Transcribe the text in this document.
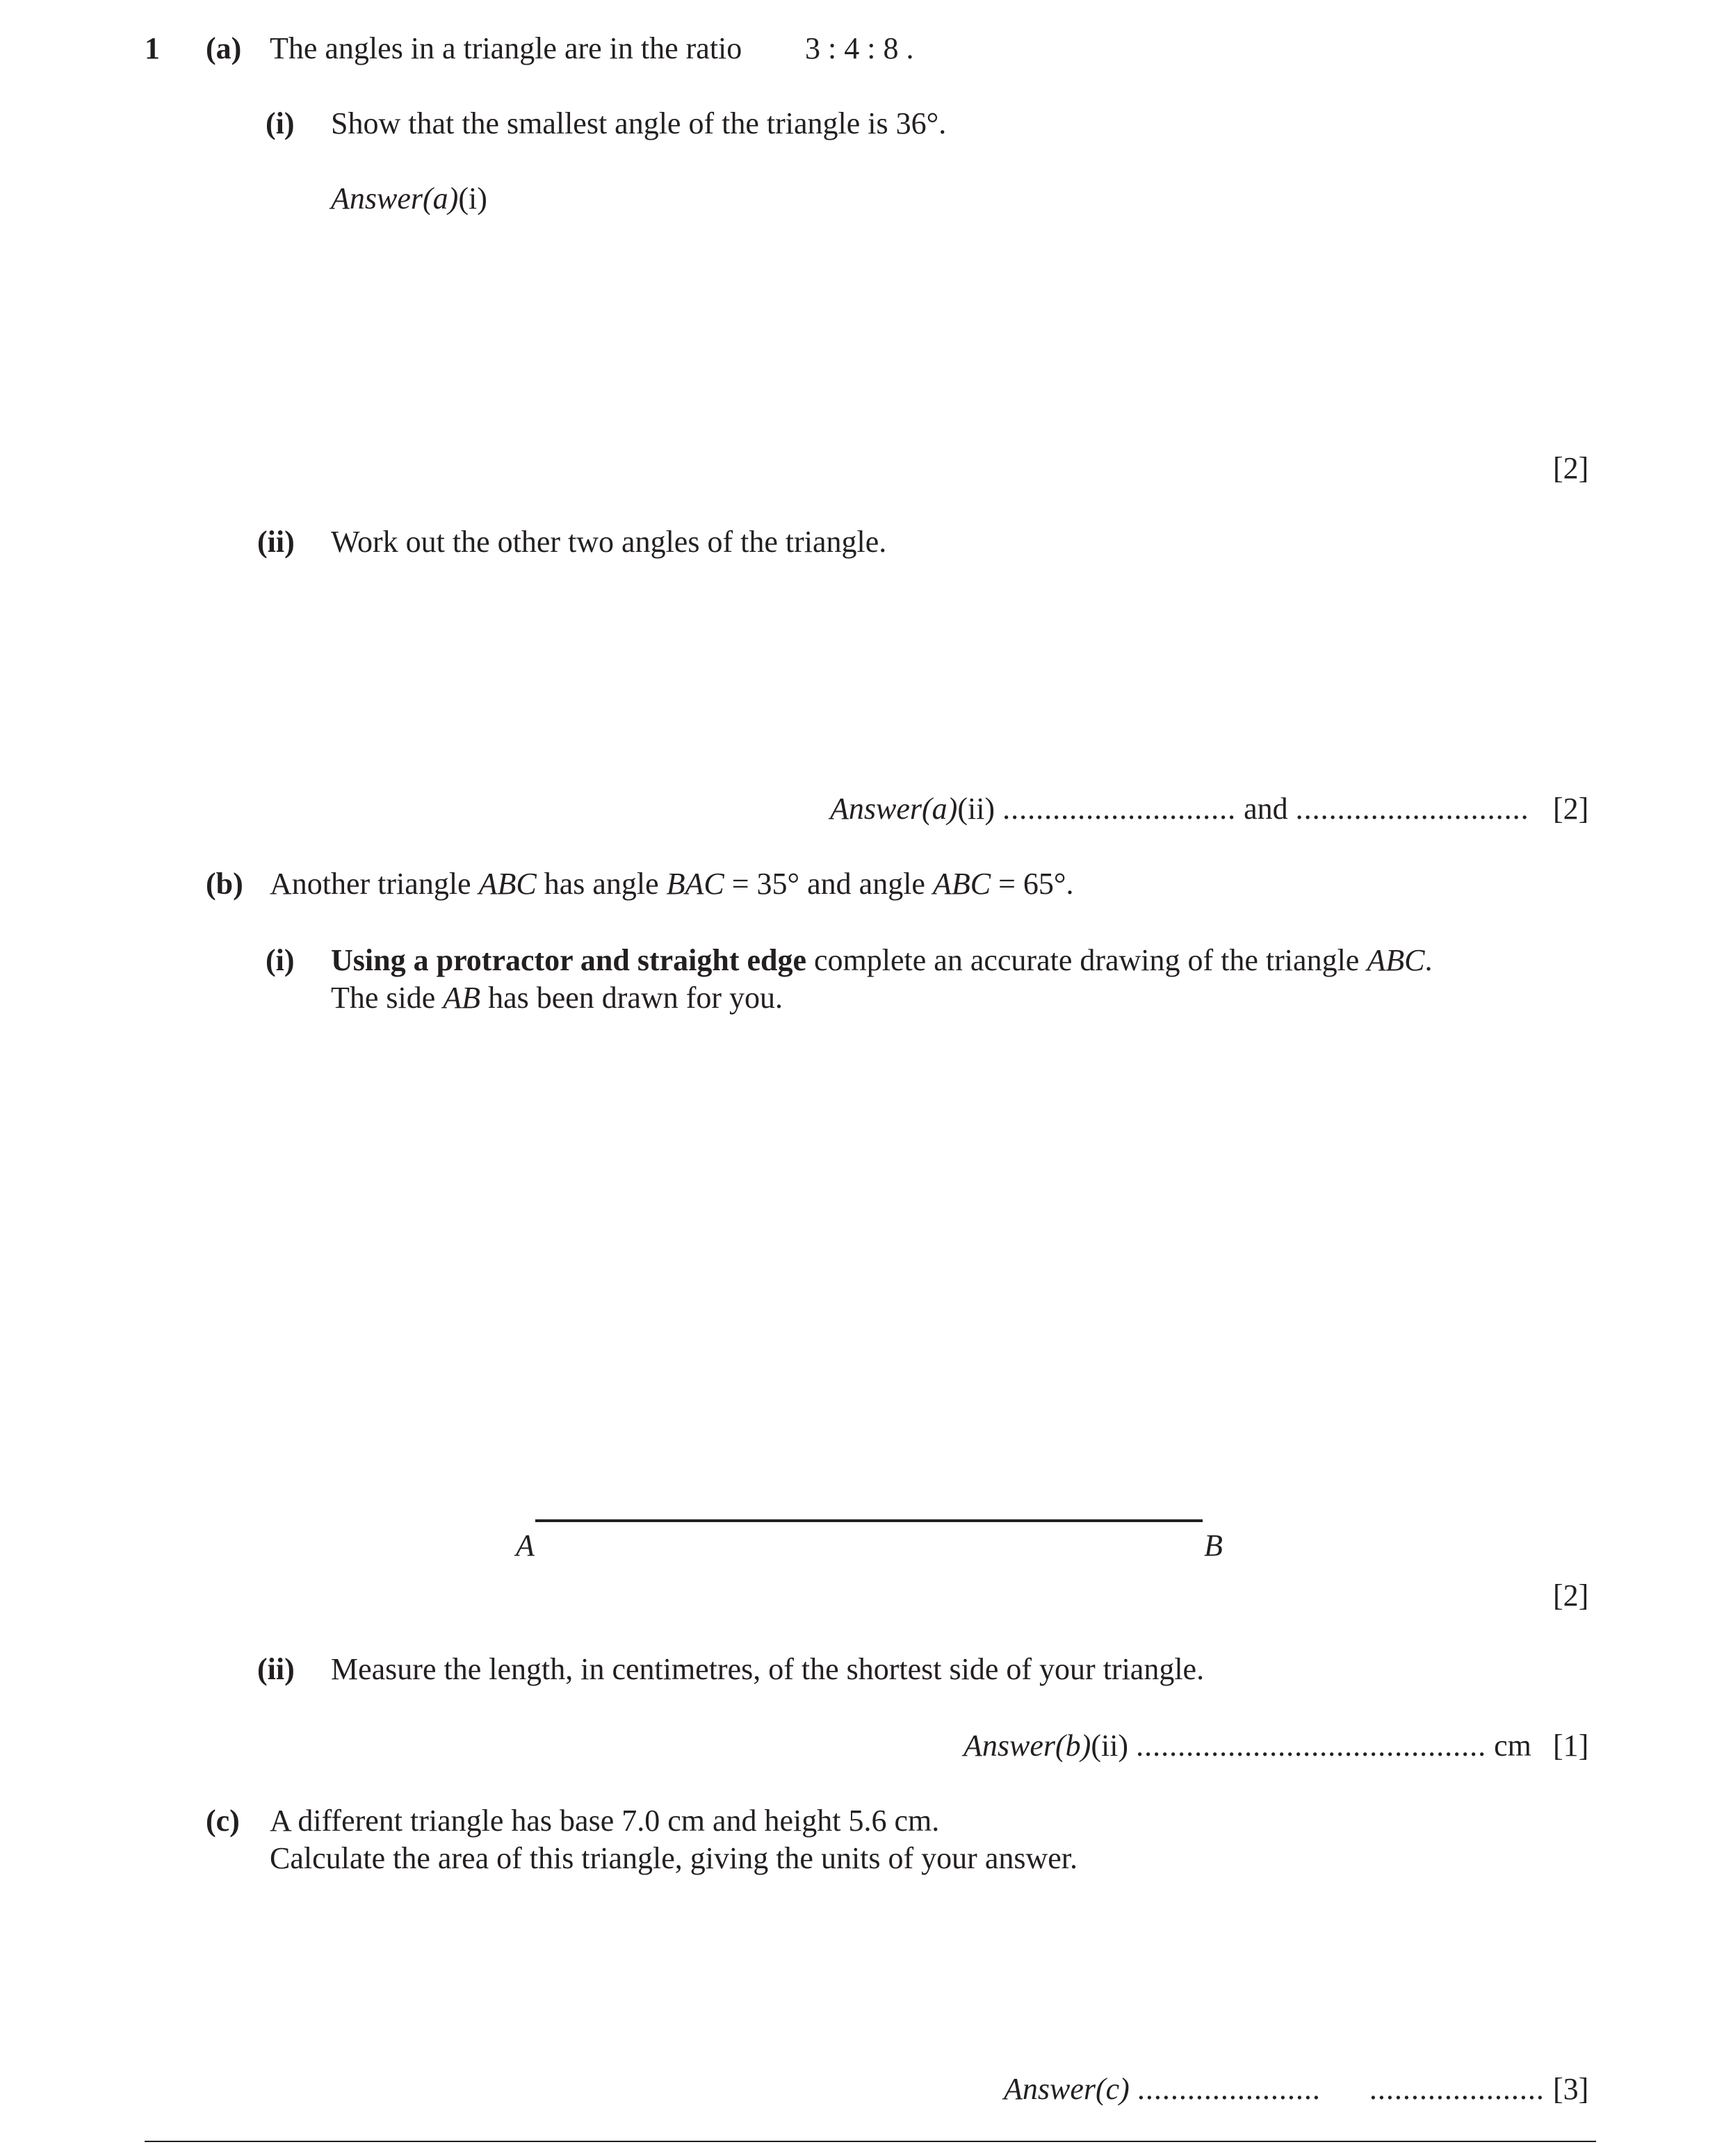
1 (a) The angles in a triangle are in the ratio 3 : 4 : 8 .
(i) Show that the smallest angle of the triangle is 36°.
Answer(a)(i)
[2]
(ii) Work out the other two angles of the triangle.
Answer(a)(ii) ............................ and ............................ [2]
(b) Another triangle ABC has angle BAC = 35° and angle ABC = 65°.
(i) Using a protractor and straight edge complete an accurate drawing of the triangle ABC.
The side AB has been drawn for you.
A	B
[2]
(ii) Measure the length, in centimetres, of the shortest side of your triangle.
Answer(b)(ii) .......................................... cm [1]
(c) A different triangle has base 7.0 cm and height 5.6 cm.
Calculate the area of this triangle, giving the units of your answer.
Answer(c) ...................... ..................... [3]
